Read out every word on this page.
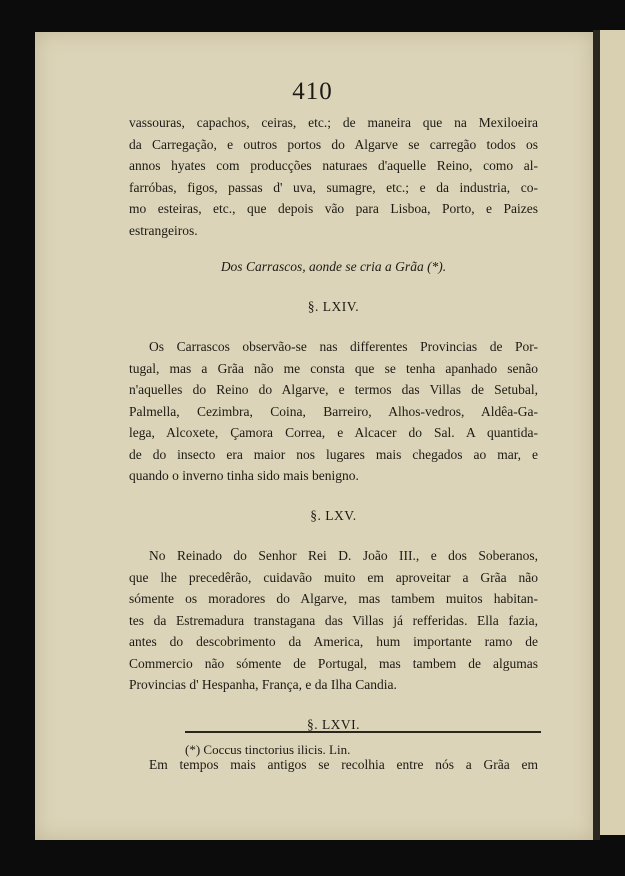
410

vassouras, capachos, ceiras, etc.; de maneira que na Mexiloeira
da Carregação, e outros portos do Algarve se carregão todos os
annos hyates com producções naturaes d'aquelle Reino, como al-
farróbas, figos, passas d' uva, sumagre, etc.; e da industria, co-
mo esteiras, etc., que depois vão para Lisboa, Porto, e Paizes
estrangeiros.

Dos Carrascos, aonde se cria a Grãa (*).
§. LXIV.

Os Carrascos observão-se nas differentes Provincias de Por-
tugal, mas a Grãa não me consta que se tenha apanhado senão
n'aquelles do Reino do Algarve, e termos das Villas de Setubal,
Palmella, Cezimbra, Coina, Barreiro, Alhos-vedros, Aldêa-Ga-
lega, Alcoxete, Çamora Correa, e Alcacer do Sal. A quantida-
de do insecto era maior nos lugares mais chegados ao mar, e
quando o inverno tinha sido mais benigno.

§. LXV.

No Reinado do Senhor Rei D. João III., e dos Soberanos,
que lhe precedêrão, cuidavão muito em aproveitar a Grãa não
sómente os moradores do Algarve, mas tambem muitos habitan-
tes da Estremadura transtagana das Villas já refferidas. Ella fazia,
antes do descobrimento da America, hum importante ramo de
Commercio não sómente de Portugal, mas tambem de algumas
Provincias d' Hespanha, França, e da Ilha Candia.

§. LXVI.

Em tempos mais antigos se recolhia entre nós a Grãa em

(*) Coccus tinctorius ilicis. Lin.
